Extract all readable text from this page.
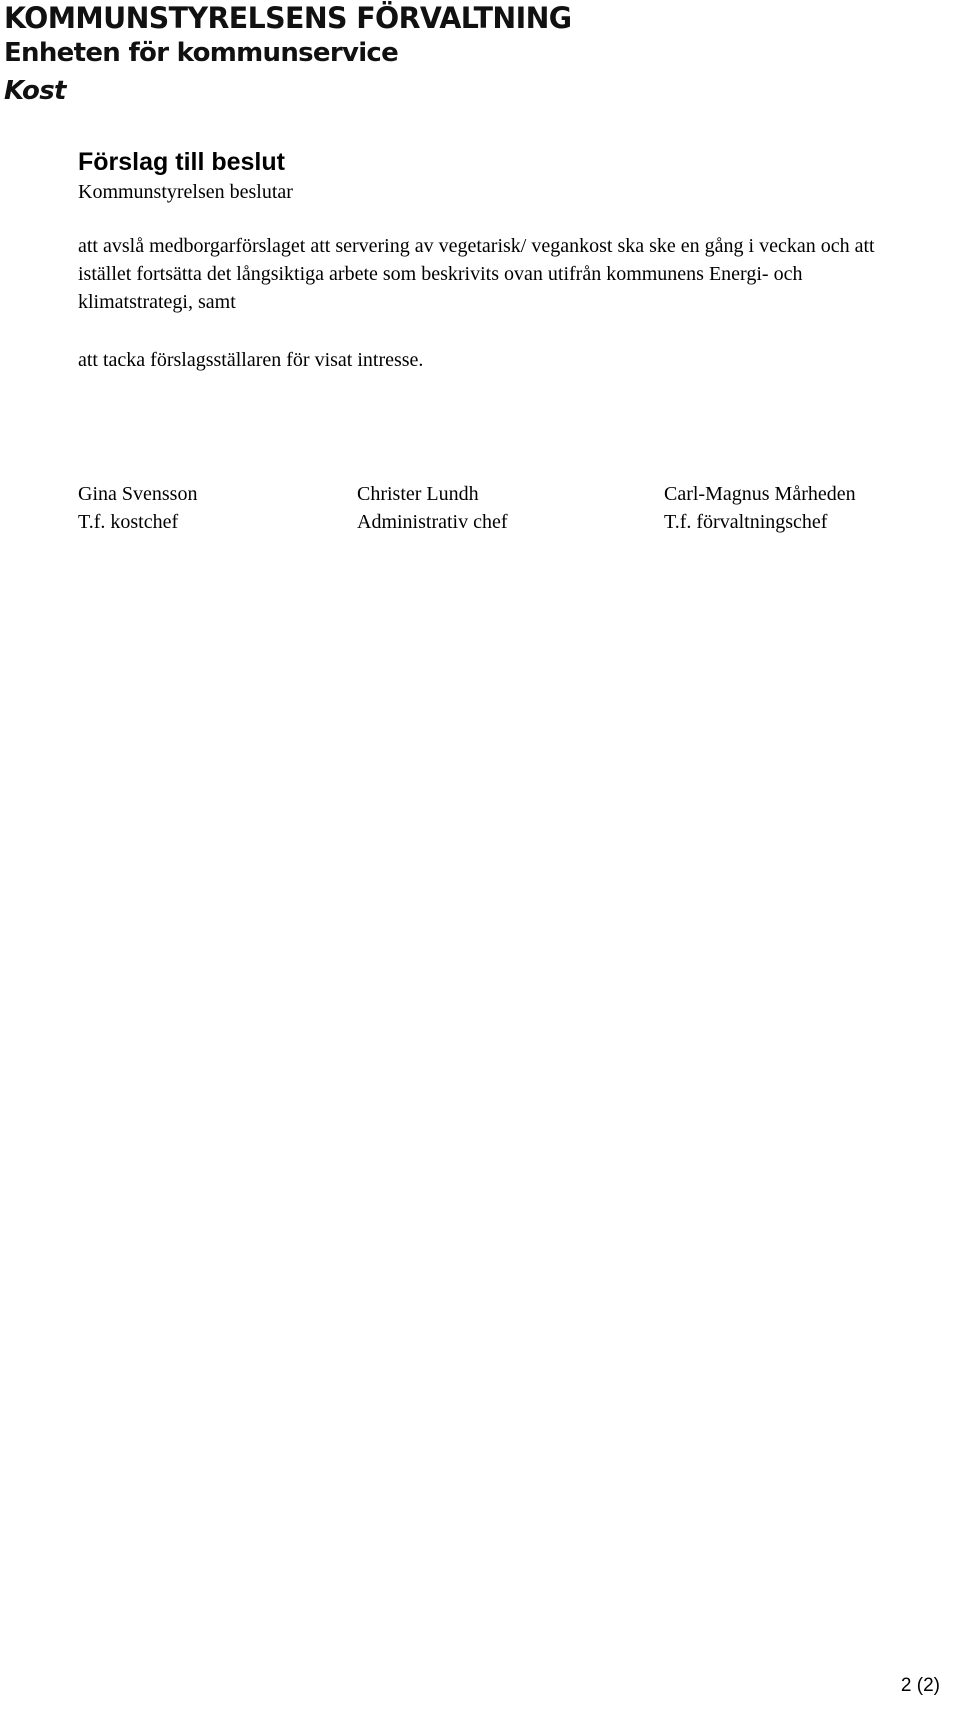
KOMMUNSTYRELSENS FÖRVALTNING
Enheten för kommunservice
Kost
Förslag till beslut

Kommunstyrelsen beslutar

att avslå medborgarförslaget att servering av vegetarisk/ vegankost ska ske en gång i veckan och att istället fortsätta det långsiktiga arbete som beskrivits ovan utifrån kommunens Energi- och klimatstrategi, samt

att tacka förslagsställaren för visat intresse.

Gina Svensson
T.f. kostchef
Christer Lundh
Administrativ chef
Carl-Magnus Mårheden
T.f. förvaltningschef
2 (2)
